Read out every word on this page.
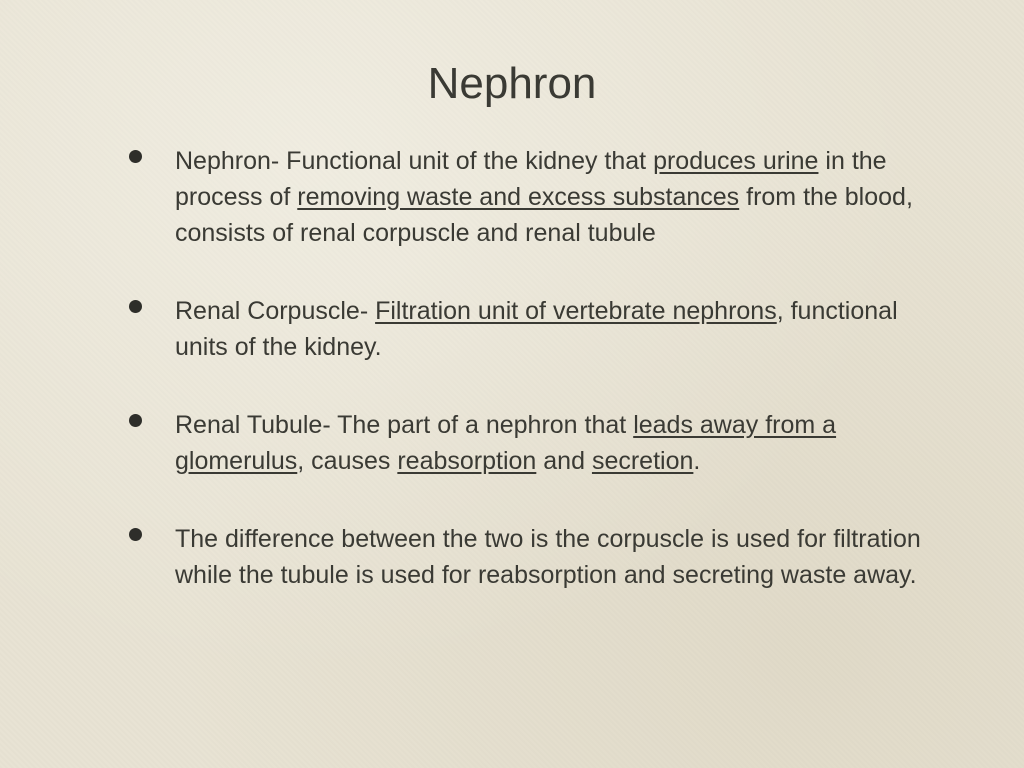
Nephron
Nephron- Functional unit of the kidney that produces urine in the process of removing waste and excess substances from the blood, consists of renal corpuscle and renal tubule
Renal Corpuscle- Filtration unit of vertebrate nephrons, functional units of the kidney.
Renal Tubule- The part of a nephron that leads away from a glomerulus, causes reabsorption and secretion.
The difference between the two is the corpuscle is used for filtration while the tubule is used for reabsorption and secreting waste away.
